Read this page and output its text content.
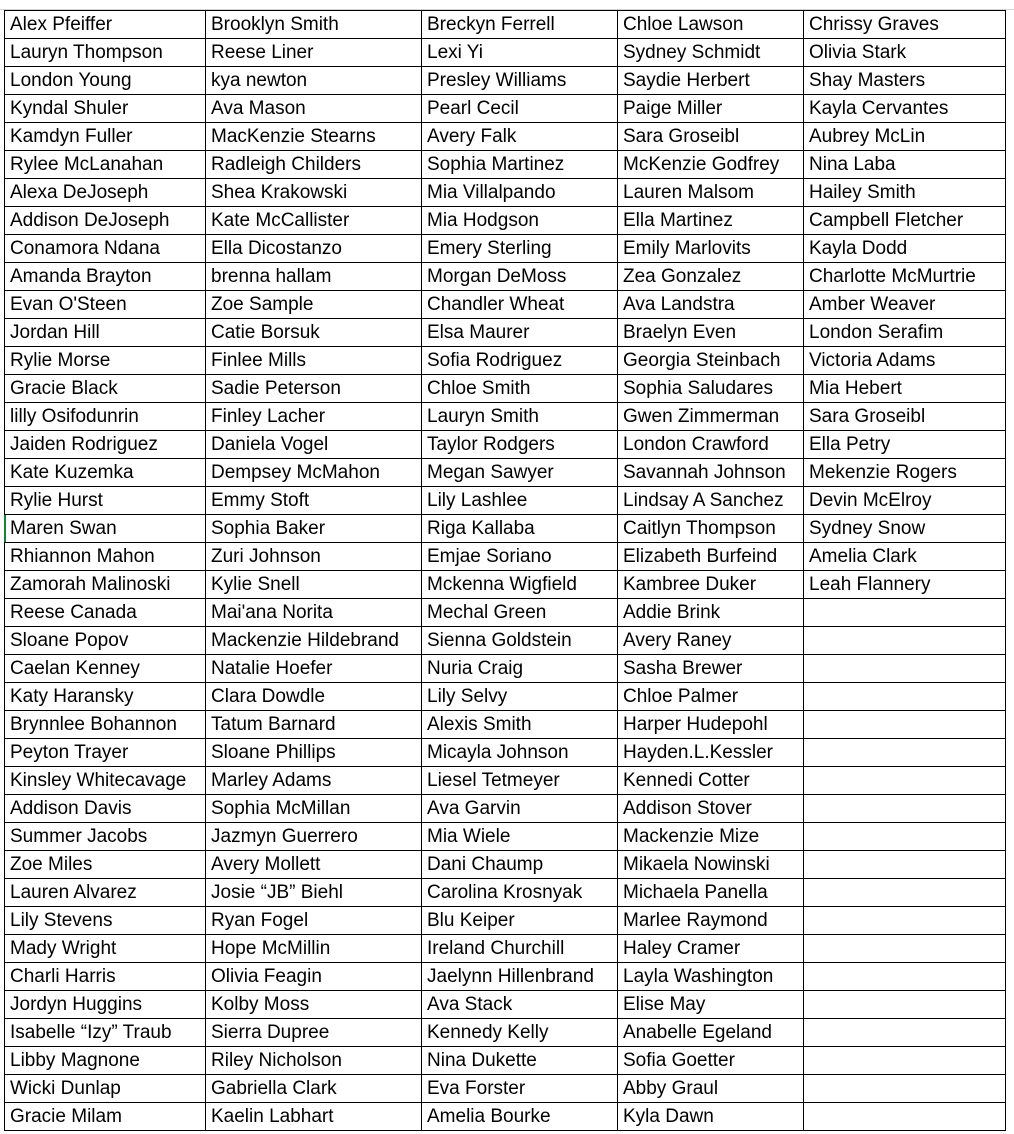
Alex Pfeiffer	Brooklyn Smith	Breckyn Ferrell	Chloe Lawson	Chrissy Graves
Lauryn Thompson	Reese Liner	Lexi Yi	Sydney Schmidt	Olivia Stark
London Young	kya newton	Presley Williams	Saydie Herbert	Shay Masters
Kyndal Shuler	Ava Mason	Pearl Cecil	Paige Miller	Kayla Cervantes
Kamdyn Fuller	MacKenzie Stearns	Avery Falk	Sara Groseibl	Aubrey McLin
Rylee McLanahan	Radleigh Childers	Sophia Martinez	McKenzie Godfrey	Nina Laba
Alexa DeJoseph	Shea Krakowski	Mia Villalpando	Lauren Malsom	Hailey Smith
Addison DeJoseph	Kate McCallister	Mia Hodgson	Ella Martinez	Campbell Fletcher
Conamora Ndana	Ella Dicostanzo	Emery Sterling	Emily Marlovits	Kayla Dodd
Amanda Brayton	brenna hallam	Morgan DeMoss	Zea Gonzalez	Charlotte McMurtrie
Evan O'Steen	Zoe Sample	Chandler Wheat	Ava Landstra	Amber Weaver
Jordan Hill	Catie Borsuk	Elsa Maurer	Braelyn Even	London Serafim
Rylie Morse	Finlee Mills	Sofia Rodriguez	Georgia Steinbach	Victoria Adams
Gracie Black	Sadie Peterson	Chloe Smith	Sophia Saludares	Mia Hebert
lilly Osifodunrin	Finley Lacher	Lauryn Smith	Gwen Zimmerman	Sara Groseibl
Jaiden Rodriguez	Daniela Vogel	Taylor Rodgers	London Crawford	Ella Petry
Kate Kuzemka	Dempsey McMahon	Megan Sawyer	Savannah Johnson	Mekenzie Rogers
Rylie Hurst	Emmy Stoft	Lily Lashlee	Lindsay A Sanchez	Devin McElroy
Maren Swan	Sophia Baker	Riga Kallaba	Caitlyn Thompson	Sydney Snow
Rhiannon Mahon	Zuri Johnson	Emjae Soriano	Elizabeth Burfeind	Amelia Clark
Zamorah Malinoski	Kylie Snell	Mckenna Wigfield	Kambree Duker	Leah Flannery
Reese Canada	Mai'ana Norita	Mechal Green	Addie Brink	
Sloane Popov	Mackenzie Hildebrand	Sienna Goldstein	Avery Raney	
Caelan Kenney	Natalie Hoefer	Nuria Craig	Sasha Brewer	
Katy Haransky	Clara Dowdle	Lily Selvy	Chloe Palmer	
Brynnlee Bohannon	Tatum Barnard	Alexis Smith	Harper Hudepohl	
Peyton Trayer	Sloane Phillips	Micayla Johnson	Hayden.L.Kessler	
Kinsley Whitecavage	Marley Adams	Liesel Tetmeyer	Kennedi Cotter	
Addison Davis	Sophia McMillan	Ava Garvin	Addison Stover	
Summer Jacobs	Jazmyn Guerrero	Mia Wiele	Mackenzie Mize	
Zoe Miles	Avery Mollett	Dani Chaump	Mikaela Nowinski	
Lauren Alvarez	Josie “JB” Biehl	Carolina Krosnyak	Michaela Panella	
Lily Stevens	Ryan Fogel	Blu Keiper	Marlee Raymond	
Mady Wright	Hope McMillin	Ireland Churchill	Haley Cramer	
Charli Harris	Olivia Feagin	Jaelynn Hillenbrand	Layla Washington	
Jordyn Huggins	Kolby Moss	Ava Stack	Elise May	
Isabelle “Izy” Traub	Sierra Dupree	Kennedy Kelly	Anabelle Egeland	
Libby Magnone	Riley Nicholson	Nina Dukette	Sofia Goetter	
Wicki Dunlap	Gabriella Clark	Eva Forster	Abby Graul	
Gracie Milam	Kaelin Labhart	Amelia Bourke	Kyla Dawn	
